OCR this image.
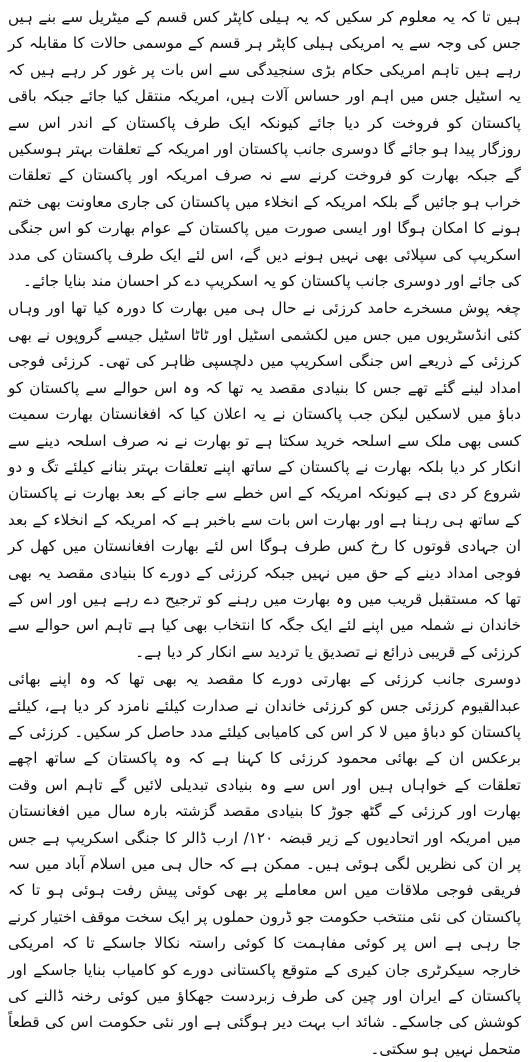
ہیں تا کہ یہ معلوم کر سکیں کہ یہ ہیلی کاپٹر کس قسم کے میٹریل سے بنے ہیں جس کی وجہ سے یہ امریکی ہیلی کاپٹر ہر قسم کے موسمی حالات کا مقابلہ کر رہے ہیں تاہم امریکی حکام بڑی سنجیدگی سے اس بات پر غور کر رہے ہیں کہ یہ اسٹیل جس میں اہم اور حساس آلات ہیں، امریکہ منتقل کیا جائے جبکہ باقی پاکستان کو فروخت کر دیا جائے کیونکہ ایک طرف پاکستان کے اندر اس سے روزگار پیدا ہو جائے گا دوسری جانب پاکستان اور امریکہ کے تعلقات بہتر ہوسکیں گے جبکہ بھارت کو فروخت کرنے سے نہ صرف امریکہ اور پاکستان کے تعلقات خراب ہو جائیں گے بلکہ امریکہ کے انخلاء میں پاکستان کی جاری معاونت بھی ختم ہونے کا امکان ہوگا اور ایسی صورت میں پاکستان کے عوام بھارت کو اس جنگی اسکریپ کی سپلائی بھی نہیں ہونے دیں گے، اس لئے ایک طرف پاکستان کی مدد کی جائے اور دوسری جانب پاکستان کو یہ اسکریپ دے کر احسان مند بنایا جائے۔

چغہ پوش مسخرے حامد کرزئی نے حال ہی میں بھارت کا دورہ کیا تھا اور وہاں کئی انڈسٹریوں میں جس میں لکشمی اسٹیل اور ٹاٹا اسٹیل جیسے گروپوں نے بھی کرزئی کے ذریعے اس جنگی اسکریپ میں دلچسپی ظاہر کی تھی۔ کرزئی فوجی امداد لینے گئے تھے جس کا بنیادی مقصد یہ تھا کہ وہ اس حوالے سے پاکستان کو دباؤ میں لاسکیں لیکن جب پاکستان نے یہ اعلان کیا کہ افغانستان بھارت سمیت کسی بھی ملک سے اسلحہ خرید سکتا ہے تو بھارت نے نہ صرف اسلحہ دینے سے انکار کر دیا بلکہ بھارت نے پاکستان کے ساتھ اپنے تعلقات بہتر بنانے کیلئے تگ و دو شروع کر دی ہے کیونکہ امریکہ کے اس خطے سے جانے کے بعد بھارت نے پاکستان کے ساتھ ہی رہنا ہے اور بھارت اس بات سے باخبر ہے کہ امریکہ کے انخلاء کے بعد ان جہادی قوتوں کا رخ کس طرف ہوگا اس لئے بھارت افغانستان میں کھل کر فوجی امداد دینے کے حق میں نہیں جبکہ کرزئی کے دورے کا بنیادی مقصد یہ بھی تھا کہ مستقبل قریب میں وہ بھارت میں رہنے کو ترجیح دے رہے ہیں اور اس کے خاندان نے شملہ میں اپنے لئے ایک جگہ کا انتخاب بھی کیا ہے تاہم اس حوالے سے کرزئی کے قریبی ذرائع نے تصدیق یا تردید سے انکار کر دیا ہے۔

دوسری جانب کرزئی کے بھارتی دورے کا مقصد یہ بھی تھا کہ وہ اپنے بھائی عبدالقیوم کرزئی جس کو کرزئی خاندان نے صدارت کیلئے نامزد کر دیا ہے، کیلئے پاکستان کو دباؤ میں لا کر اس کی کامیابی کیلئے مدد حاصل کر سکیں۔ کرزئی کے برعکس ان کے بھائی محمود کرزئی کا کہنا ہے کہ وہ پاکستان کے ساتھ اچھے تعلقات کے خواہاں ہیں اور اس سے وہ بنیادی تبدیلی لائیں گے تاہم اس وقت بھارت اور کرزئی کے گٹھ جوڑ کا بنیادی مقصد گزشتہ بارہ سال میں افغانستان میں امریکہ اور اتحادیوں کے زیر قبضہ ۱۲۰/ ارب ڈالر کا جنگی اسکریپ ہے جس پر ان کی نظریں لگی ہوئی ہیں۔ ممکن ہے کہ حال ہی میں اسلام آباد میں سہ فریقی فوجی ملاقات میں اس معاملے پر بھی کوئی پیش رفت ہوئی ہو تا کہ پاکستان کی نئی منتخب حکومت جو ڈرون حملوں پر ایک سخت موقف اختیار کرنے جا رہی ہے اس پر کوئی مفاہمت کا کوئی راستہ نکالا جاسکے تا کہ امریکی خارجہ سیکرٹری جان کیری کے متوقع پاکستانی دورے کو کامیاب بنایا جاسکے اور پاکستان کے ایران اور چین کی طرف زبردست جھکاؤ میں کوئی رخنہ ڈالنے کی کوشش کی جاسکے۔ شائد اب بہت دیر ہوگئی ہے اور نئی حکومت اس کی قطعاً متحمل نہیں ہو سکتی۔
